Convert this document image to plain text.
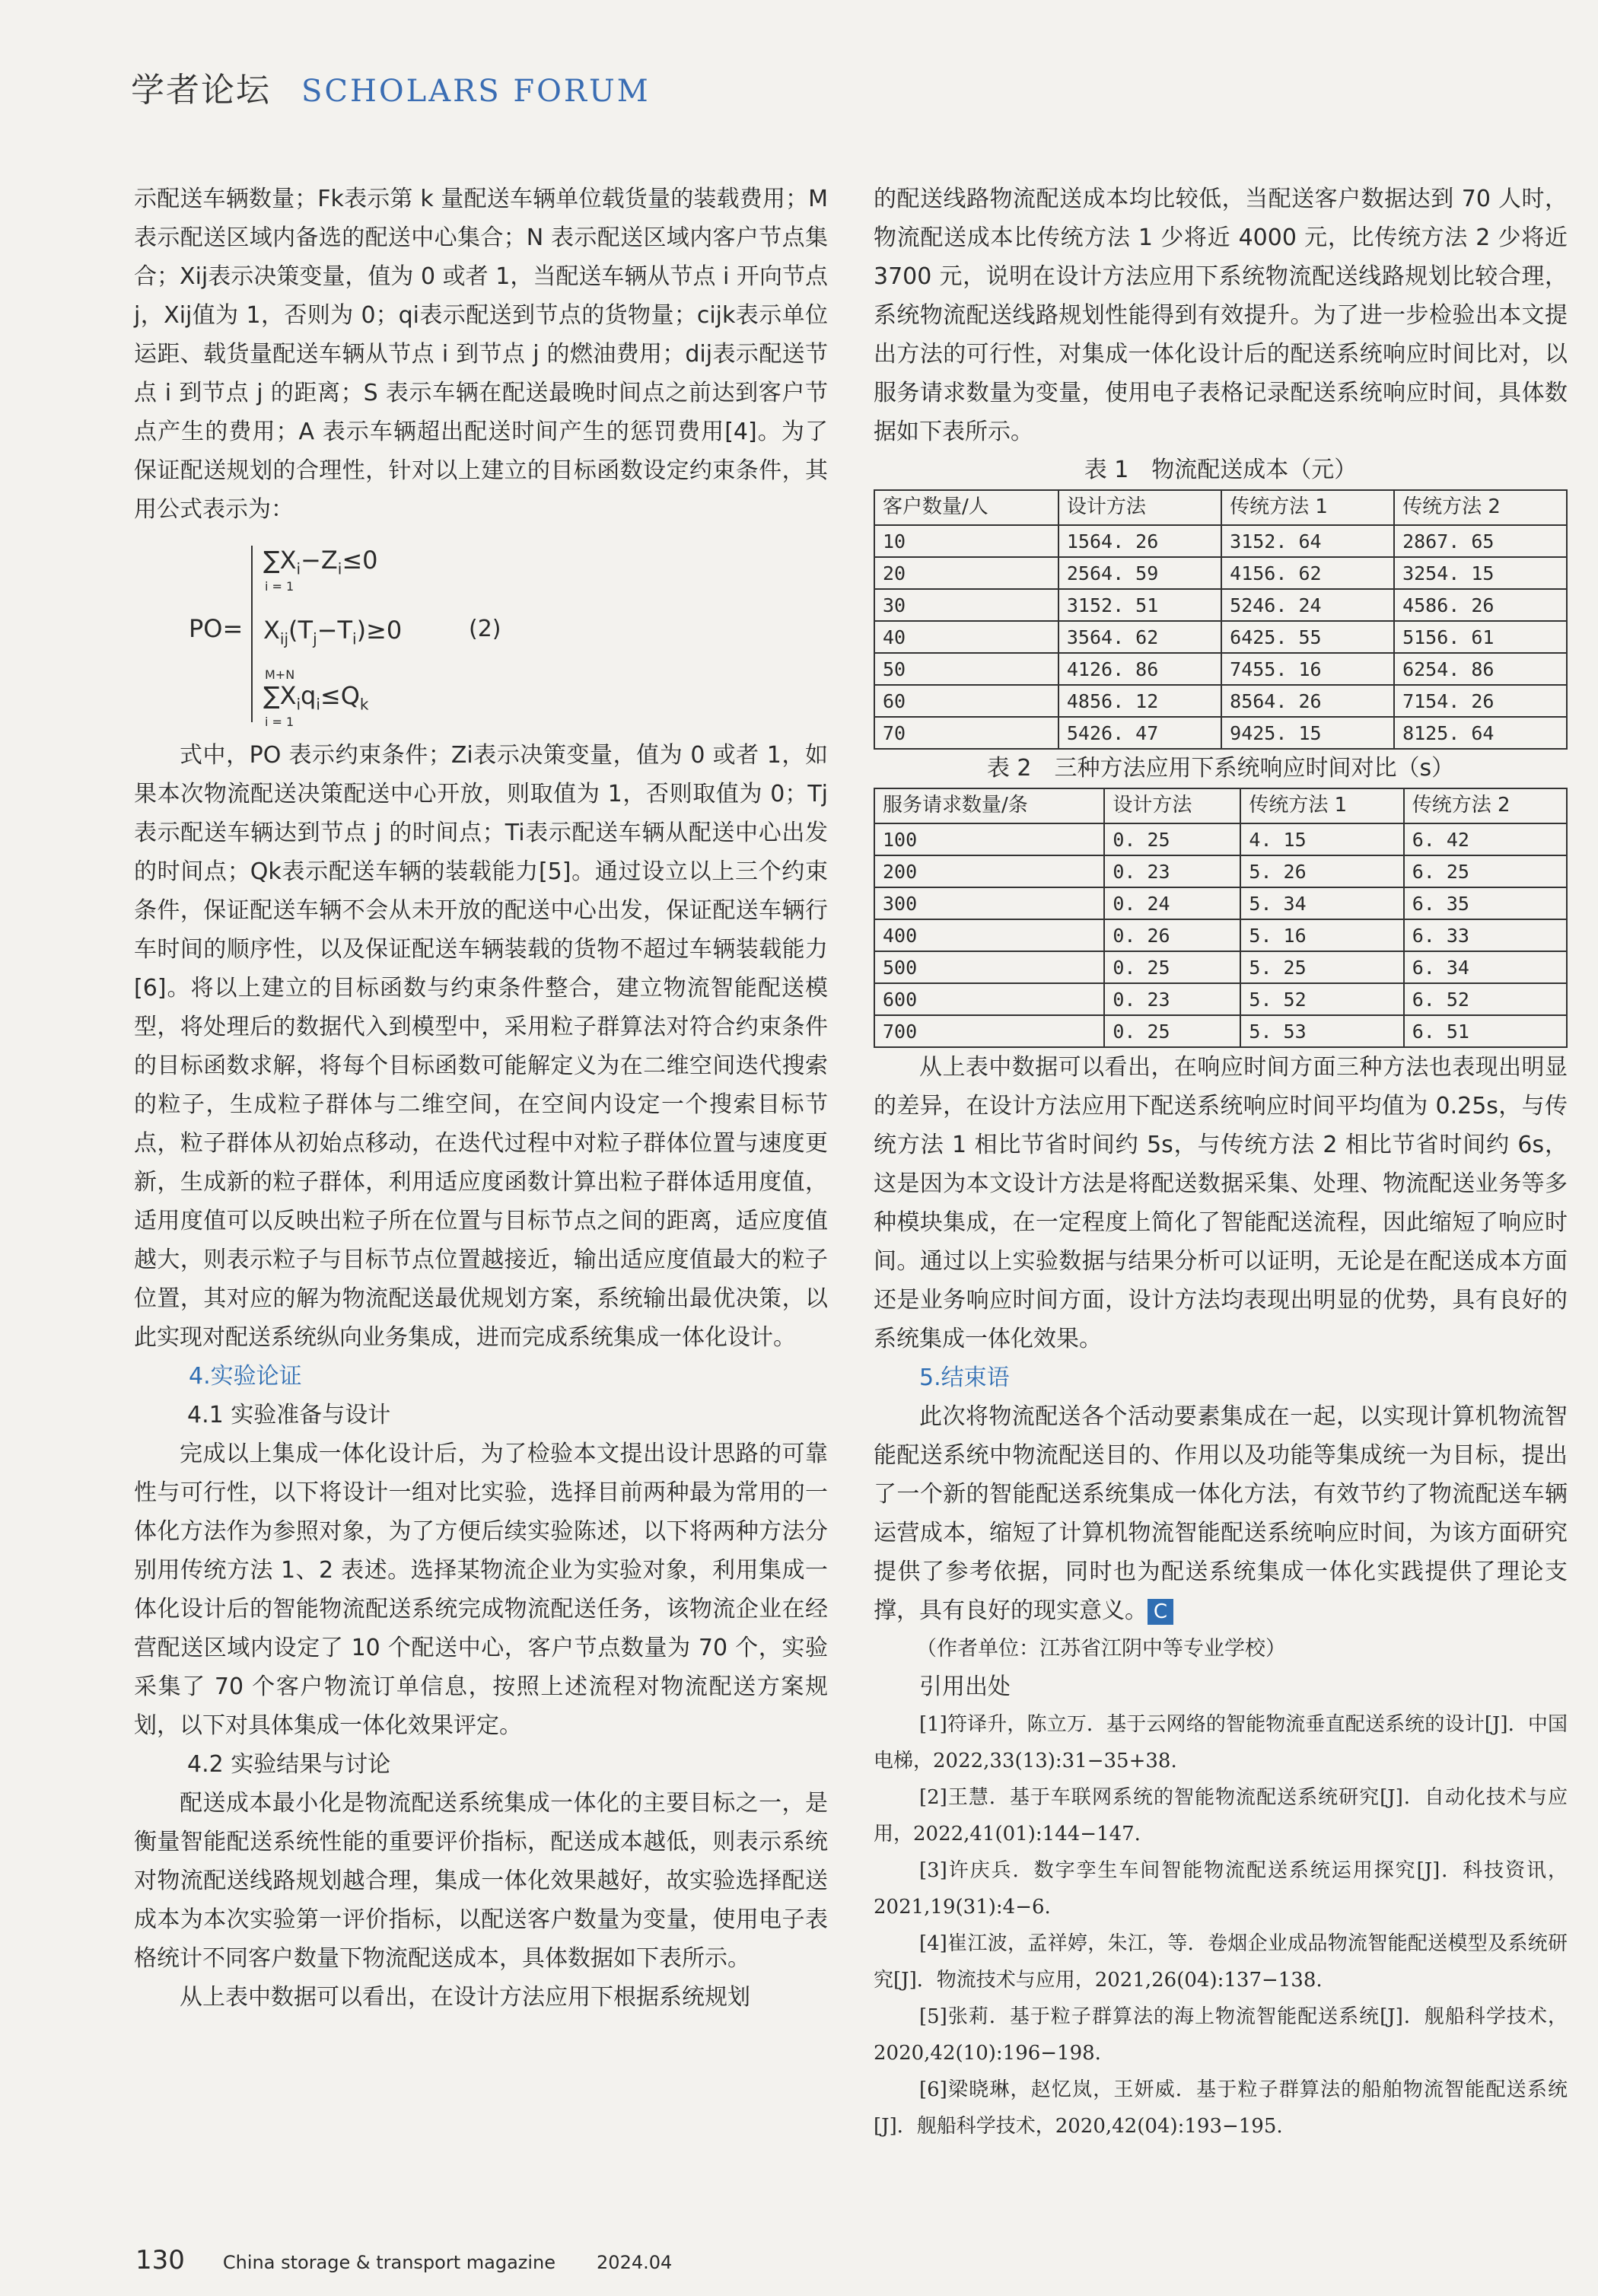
学者论坛 SCHOLARS FORUM

示配送车辆数量；Fk表示第 k 量配送车辆单位载货量的装载费用；M 表示配送区域内备选的配送中心集合；N 表示配送区域内客户节点集合；Xij表示决策变量，值为 0 或者 1，当配送车辆从节点 i 开向节点 j，Xij值为 1，否则为 0；qi表示配送到节点的货物量；cijk表示单位运距、载货量配送车辆从节点 i 到节点 j 的燃油费用；dij表示配送节点 i 到节点 j 的距离；S 表示车辆在配送最晚时间点之前达到客户节点产生的费用；A 表示车辆超出配送时间产生的惩罚费用[4]。为了保证配送规划的合理性，针对以上建立的目标函数设定约束条件，其用公式表示为：

PO=
$\sum X_i-Z_i\le 0$
i = 1
$X_{ij}(T_j-T_i)\ge 0$
M+N
$\sum X_iq_i\le Q_k$
i = 1
(2)

式中，PO 表示约束条件；Zi表示决策变量，值为 0 或者 1，如果本次物流配送决策配送中心开放，则取值为 1，否则取值为 0；Tj表示配送车辆达到节点 j 的时间点；Ti表示配送车辆从配送中心出发的时间点；Qk表示配送车辆的装载能力[5]。通过设立以上三个约束条件，保证配送车辆不会从未开放的配送中心出发，保证配送车辆行车时间的顺序性，以及保证配送车辆装载的货物不超过车辆装载能力[6]。将以上建立的目标函数与约束条件整合，建立物流智能配送模型，将处理后的数据代入到模型中，采用粒子群算法对符合约束条件的目标函数求解，将每个目标函数可能解定义为在二维空间迭代搜索的粒子，生成粒子群体与二维空间，在空间内设定一个搜索目标节点，粒子群体从初始点移动，在迭代过程中对粒子群体位置与速度更新，生成新的粒子群体，利用适应度函数计算出粒子群体适用度值，适用度值可以反映出粒子所在位置与目标节点之间的距离，适应度值越大，则表示粒子与目标节点位置越接近，输出适应度值最大的粒子位置，其对应的解为物流配送最优规划方案，系统输出最优决策，以此实现对配送系统纵向业务集成，进而完成系统集成一体化设计。

4.实验论证
4.1 实验准备与设计

完成以上集成一体化设计后，为了检验本文提出设计思路的可靠性与可行性，以下将设计一组对比实验，选择目前两种最为常用的一体化方法作为参照对象，为了方便后续实验陈述，以下将两种方法分别用传统方法 1、2 表述。选择某物流企业为实验对象，利用集成一体化设计后的智能物流配送系统完成物流配送任务，该物流企业在经营配送区域内设定了 10 个配送中心，客户节点数量为 70 个，实验采集了 70 个客户物流订单信息，按照上述流程对物流配送方案规划，以下对具体集成一体化效果评定。

4.2 实验结果与讨论

配送成本最小化是物流配送系统集成一体化的主要目标之一，是衡量智能配送系统性能的重要评价指标，配送成本越低，则表示系统对物流配送线路规划越合理，集成一体化效果越好，故实验选择配送成本为本次实验第一评价指标，以配送客户数量为变量，使用电子表格统计不同客户数量下物流配送成本，具体数据如下表所示。

从上表中数据可以看出，在设计方法应用下根据系统规划

的配送线路物流配送成本均比较低，当配送客户数据达到 70 人时，物流配送成本比传统方法 1 少将近 4000 元，比传统方法 2 少将近 3700 元，说明在设计方法应用下系统物流配送线路规划比较合理，系统物流配送线路规划性能得到有效提升。为了进一步检验出本文提出方法的可行性，对集成一体化设计后的配送系统响应时间比对，以服务请求数量为变量，使用电子表格记录配送系统响应时间，具体数据如下表所示。

表 1　物流配送成本（元）
客户数量/人	设计方法	传统方法 1	传统方法 2
10	1564. 26	3152. 64	2867. 65
20	2564. 59	4156. 62	3254. 15
30	3152. 51	5246. 24	4586. 26
40	3564. 62	6425. 55	5156. 61
50	4126. 86	7455. 16	6254. 86
60	4856. 12	8564. 26	7154. 26
70	5426. 47	9425. 15	8125. 64
表 2　三种方法应用下系统响应时间对比（s）
服务请求数量/条	设计方法	传统方法 1	传统方法 2
100	0. 25	4. 15	6. 42
200	0. 23	5. 26	6. 25
300	0. 24	5. 34	6. 35
400	0. 26	5. 16	6. 33
500	0. 25	5. 25	6. 34
600	0. 23	5. 52	6. 52
700	0. 25	5. 53	6. 51

从上表中数据可以看出，在响应时间方面三种方法也表现出明显的差异，在设计方法应用下配送系统响应时间平均值为 0.25s，与传统方法 1 相比节省时间约 5s，与传统方法 2 相比节省时间约 6s，这是因为本文设计方法是将配送数据采集、处理、物流配送业务等多种模块集成，在一定程度上简化了智能配送流程，因此缩短了响应时间。通过以上实验数据与结果分析可以证明，无论是在配送成本方面还是业务响应时间方面，设计方法均表现出明显的优势，具有良好的系统集成一体化效果。

5.结束语

此次将物流配送各个活动要素集成在一起，以实现计算机物流智能配送系统中物流配送目的、作用以及功能等集成统一为目标，提出了一个新的智能配送系统集成一体化方法，有效节约了物流配送车辆运营成本，缩短了计算机物流智能配送系统响应时间，为该方面研究提供了参考依据，同时也为配送系统集成一体化实践提供了理论支撑，具有良好的现实意义。 C

（作者单位：江苏省江阴中等专业学校）
引用出处
[1]符译升，陈立万．基于云网络的智能物流垂直配送系统的设计[J]．中国电梯，2022,33(13):31−35+38.
[2]王慧．基于车联网系统的智能物流配送系统研究[J]．自动化技术与应用，2022,41(01):144−147.
[3]许庆兵．数字孪生车间智能物流配送系统运用探究[J]．科技资讯，2021,19(31):4−6.
[4]崔江波，孟祥婷，朱江，等．卷烟企业成品物流智能配送模型及系统研究[J]．物流技术与应用，2021,26(04):137−138.
[5]张莉．基于粒子群算法的海上物流智能配送系统[J]．舰船科学技术，2020,42(10):196−198.
[6]梁晓琳，赵忆岚，王妍威．基于粒子群算法的船舶物流智能配送系统[J]．舰船科学技术，2020,42(04):193−195.
130 China storage & transport magazine 2024.04
